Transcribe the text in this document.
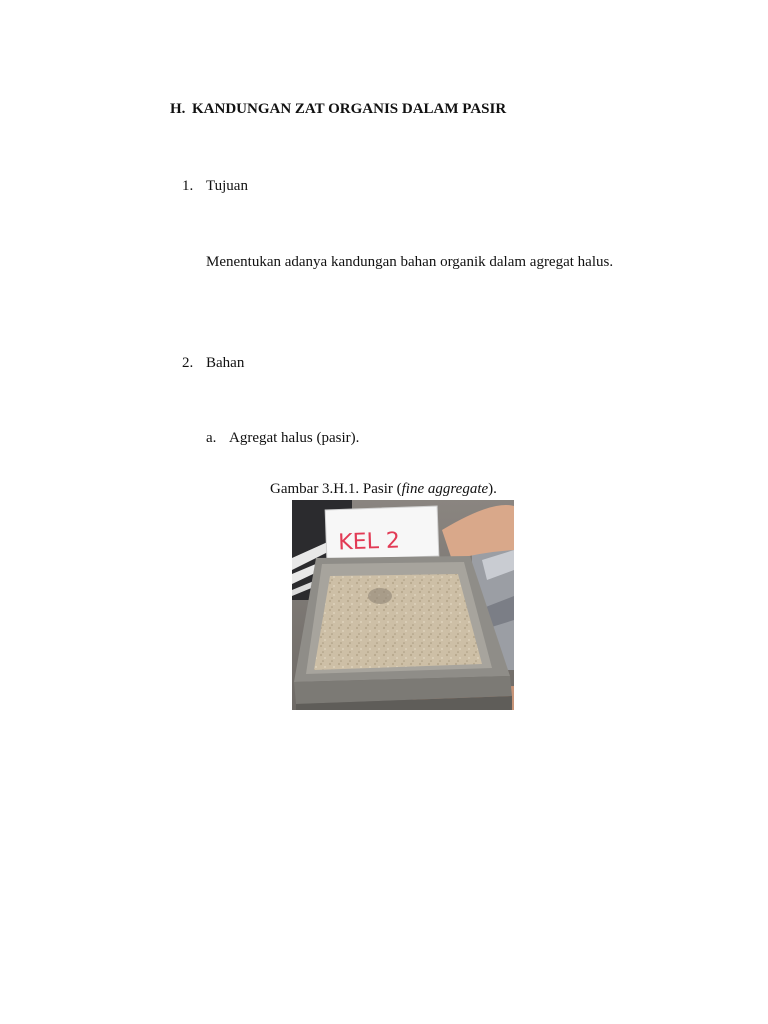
H. KANDUNGAN ZAT ORGANIS DALAM PASIR
1. Tujuan
Menentukan adanya kandungan bahan organik dalam agregat halus.
2. Bahan
a. Agregat halus (pasir).
Gambar 3.H.1. Pasir (fine aggregate).
KEL 2
